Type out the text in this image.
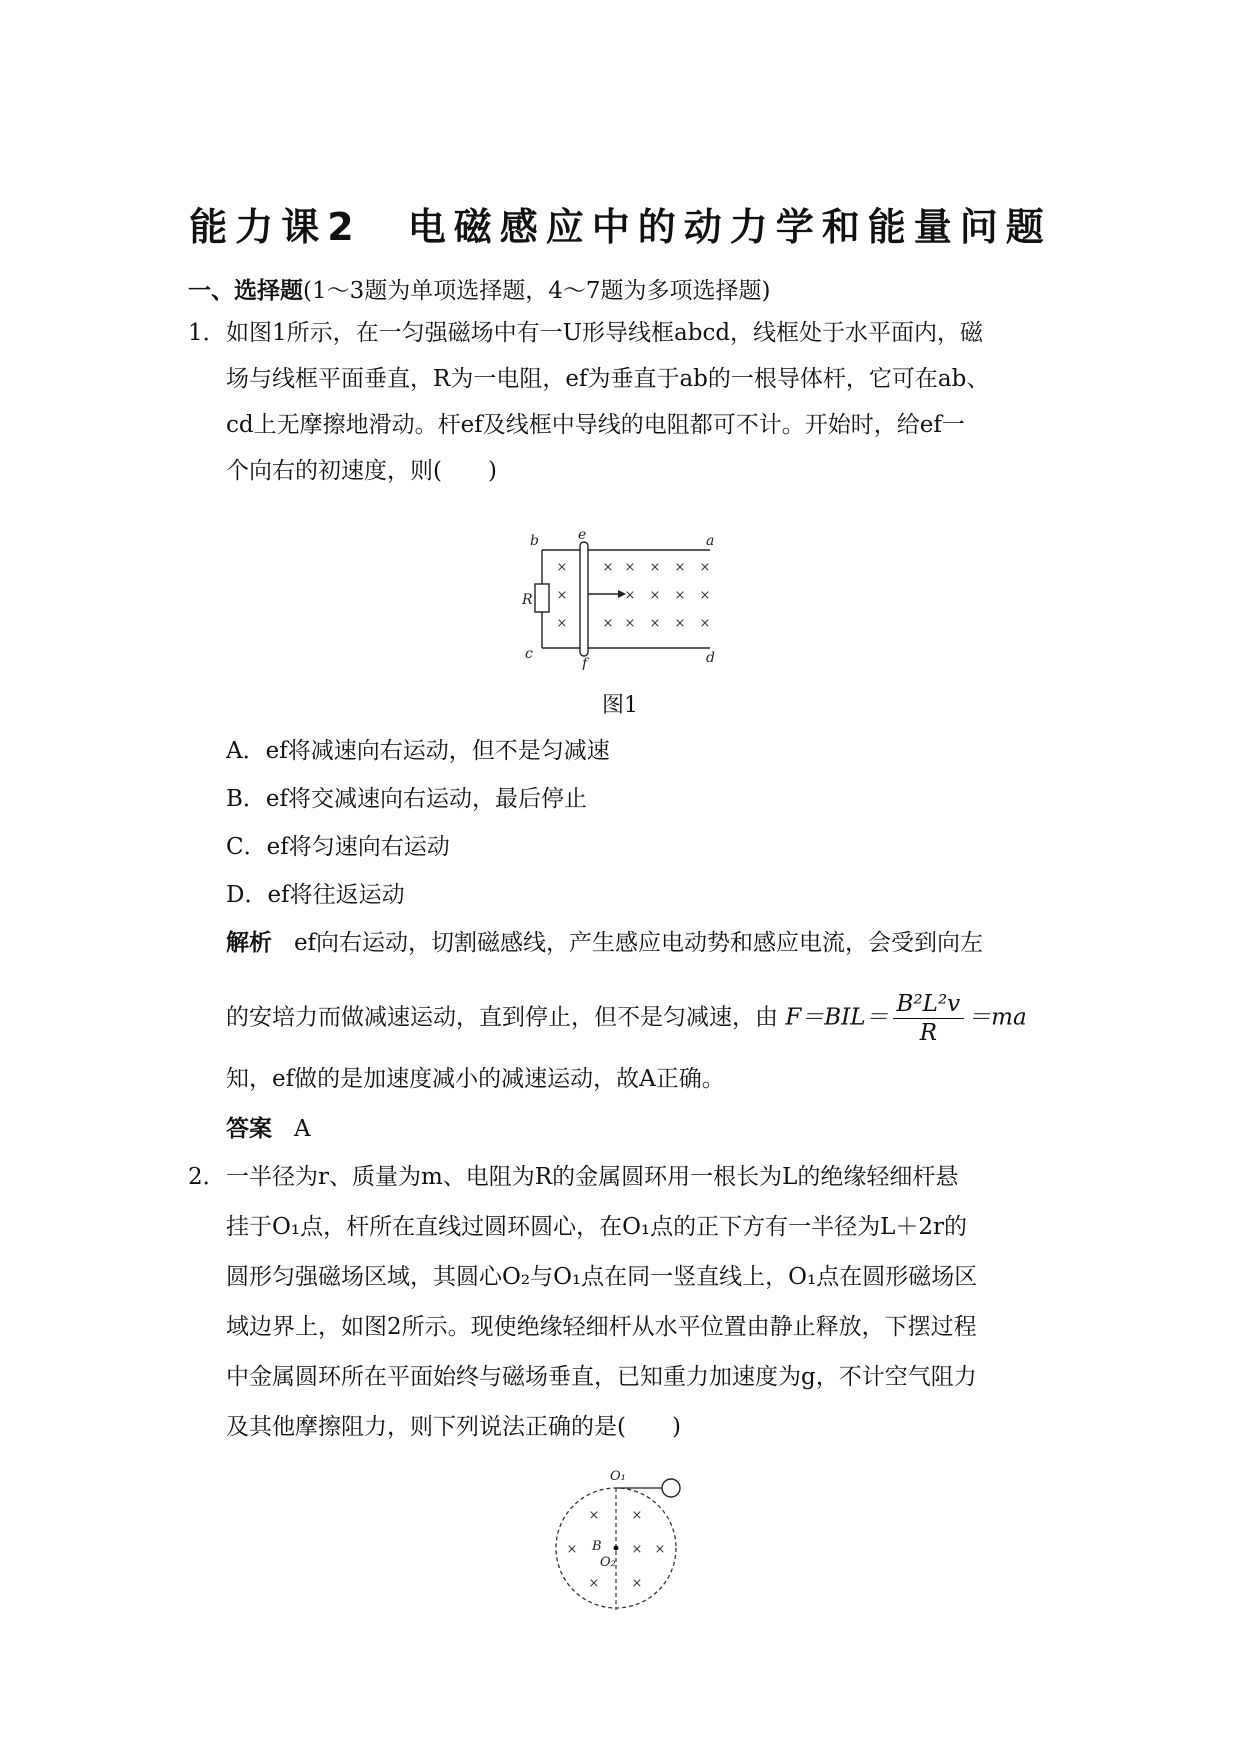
能力课2　电磁感应中的动力学和能量问题
一、选择题(1～3题为单项选择题，4～7题为多项选择题)
1． 如图1所示，在一匀强磁场中有一U形导线框abcd，线框处于水平面内，磁
场与线框平面垂直，R为一电阻，ef为垂直于ab的一根导体杆，它可在ab、
cd上无摩擦地滑动。杆ef及线框中导线的电阻都可不计。开始时，给ef一
个向右的初速度，则(　　)
×
×
×
×
×
×
×
×
×
×
×
×
×
×
×
×
×
b	e	a
R
c
f	d
图1
A．ef将减速向右运动，但不是匀减速
B．ef将交减速向右运动，最后停止
C．ef将匀速向右运动
D．ef将往返运动
解析 ef向右运动，切割磁感线，产生感应电动势和感应电流，会受到向左
的安培力而做减速运动，直到停止，但不是匀减速，由 $F=BIL= \frac{\text{B²L²v}}{R} =ma$
知，ef做的是加速度减小的减速运动，故A正确。
答案 A
2． 一半径为r、质量为m、电阻为R的金属圆环用一根长为L的绝缘轻细杆悬
挂于O₁点，杆所在直线过圆环圆心，在O₁点的正下方有一半径为L＋2r的
圆形匀强磁场区域，其圆心O₂与O₁点在同一竖直线上，O₁点在圆形磁场区
域边界上，如图2所示。现使绝缘轻细杆从水平位置由静止释放，下摆过程
中金属圆环所在平面始终与磁场垂直，已知重力加速度为g，不计空气阻力
及其他摩擦阻力，则下列说法正确的是(　　)
× ×
×	× ×
× ×
O₁
B
O₂
